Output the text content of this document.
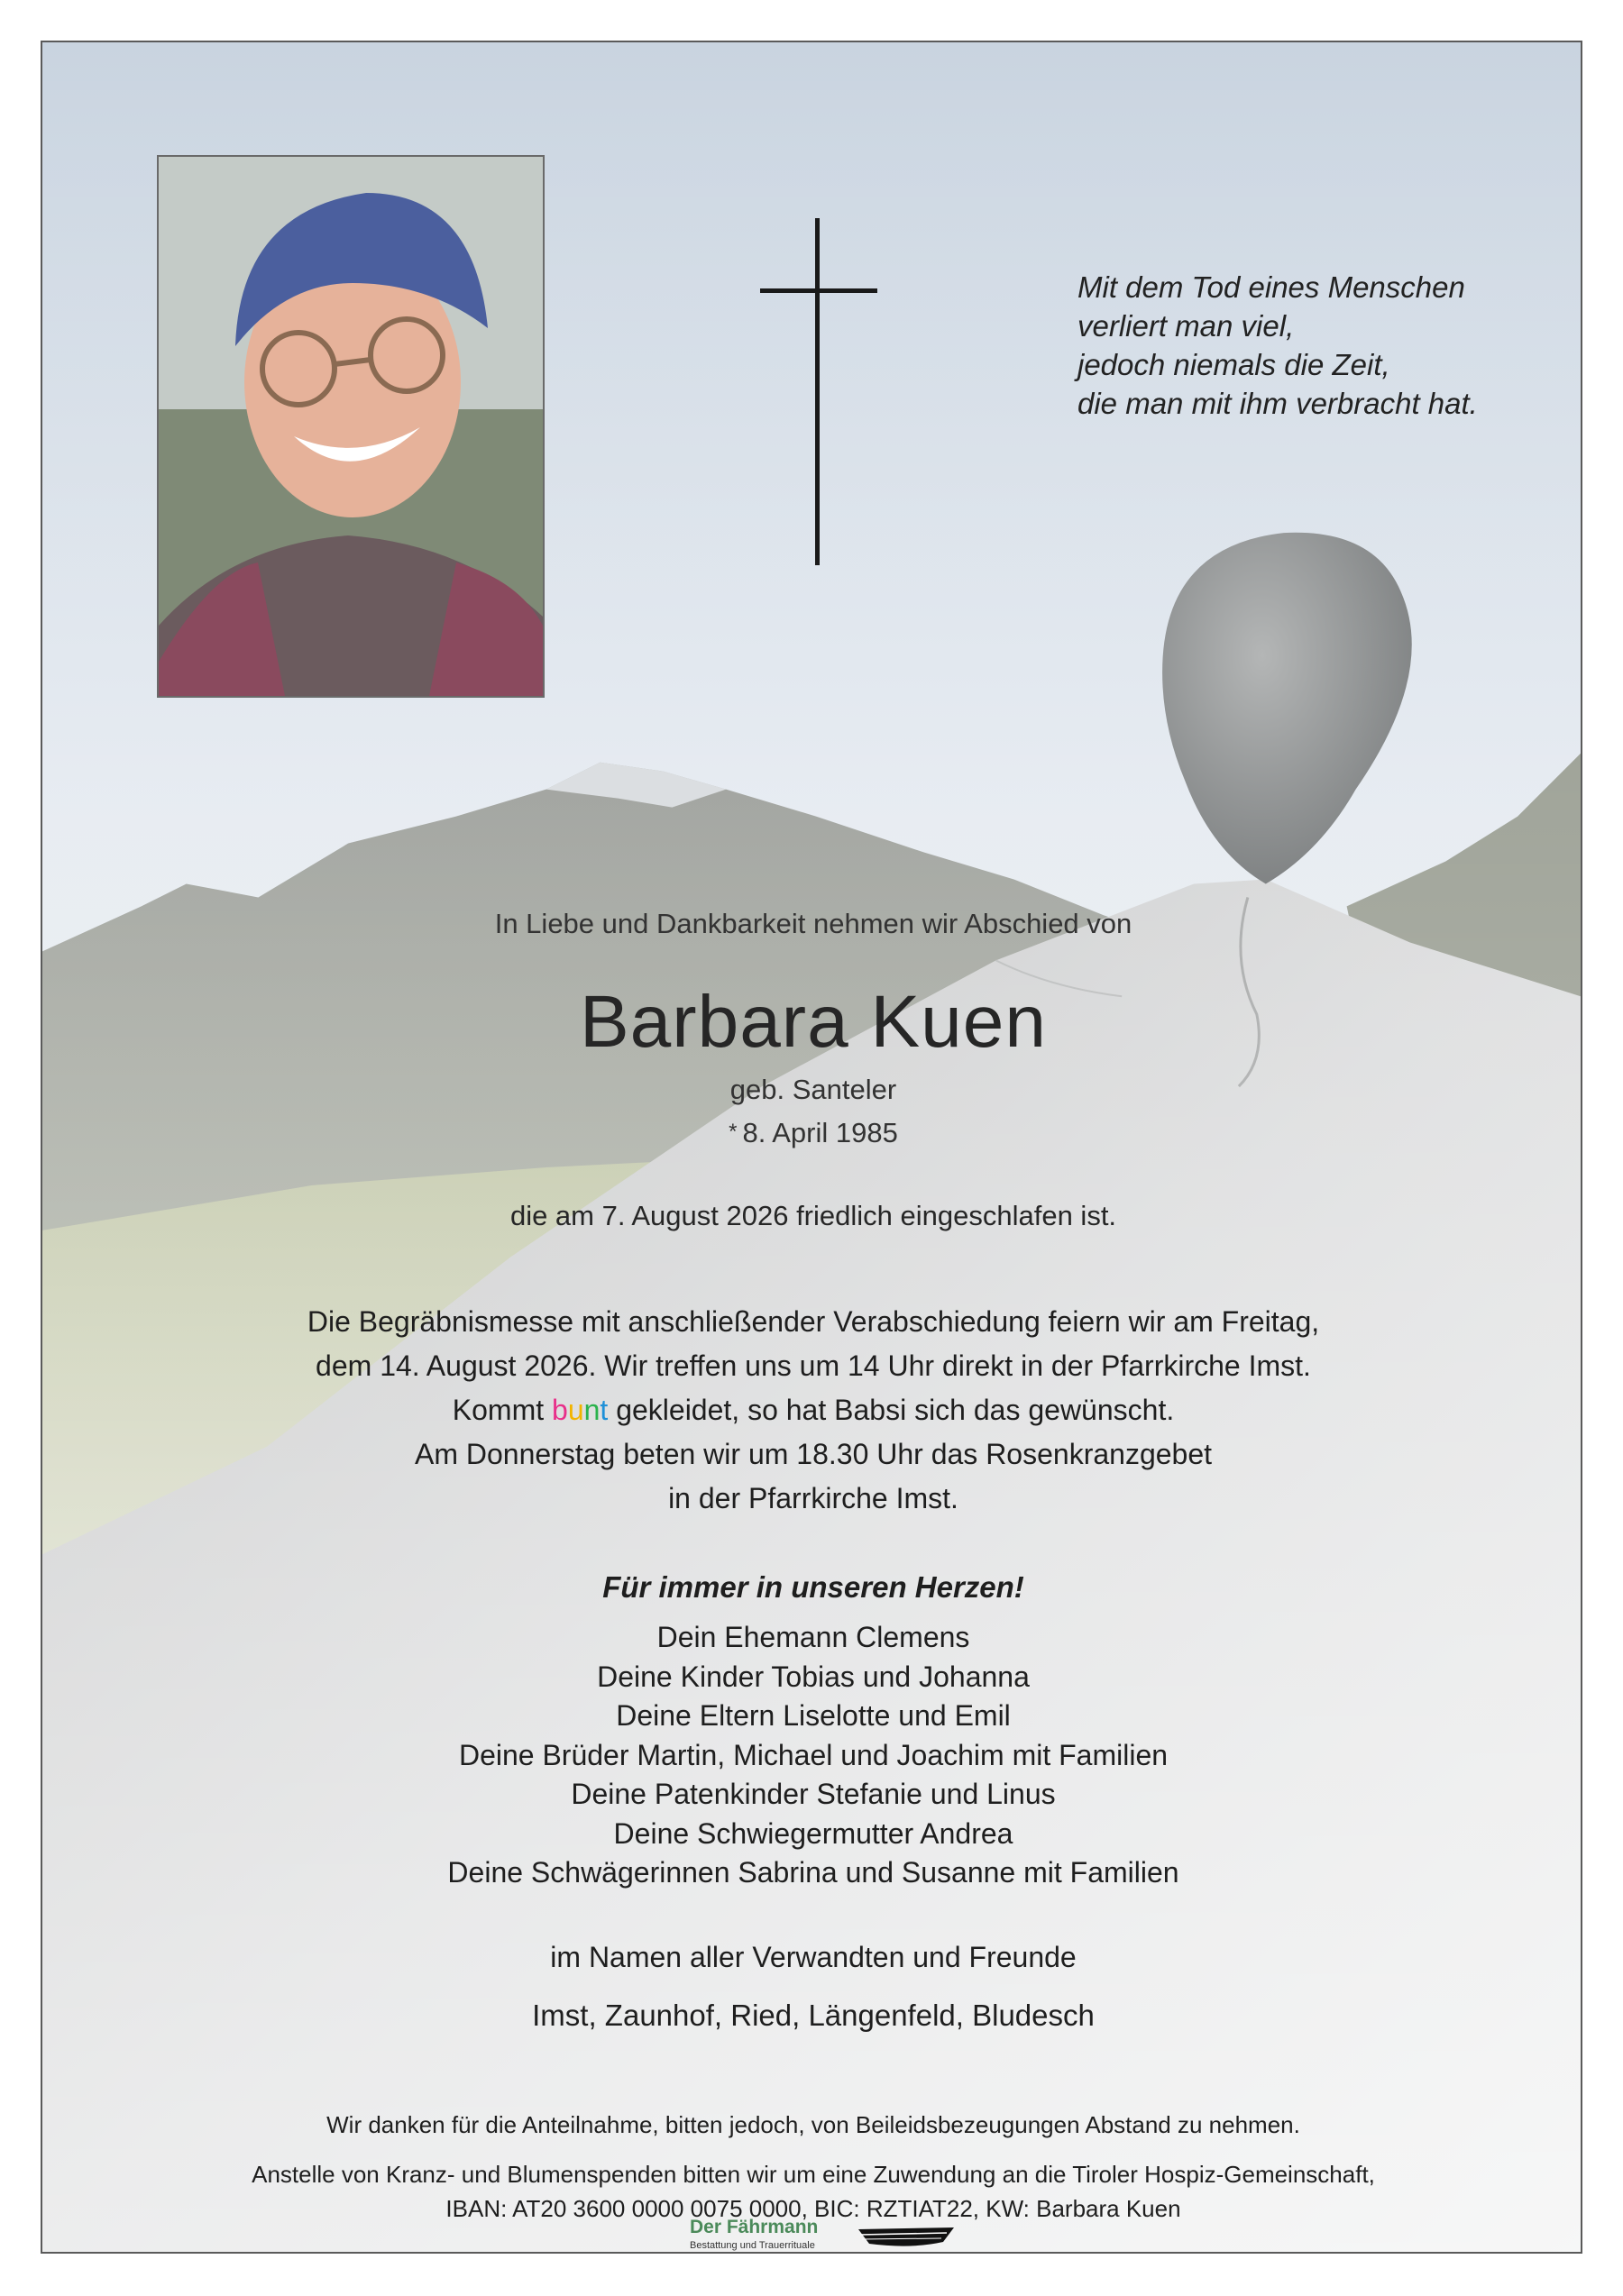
Mit dem Tod eines Menschen
verliert man viel,
jedoch niemals die Zeit,
die man mit ihm verbracht hat.
In Liebe und Dankbarkeit nehmen wir Abschied von
Barbara Kuen
geb. Santeler
* 8. April 1985
die am 7. August 2026 friedlich eingeschlafen ist.
Die Begräbnismesse mit anschließender Verabschiedung feiern wir am Freitag,
dem 14. August 2026. Wir treffen uns um 14 Uhr direkt in der Pfarrkirche Imst.
Kommt bunt gekleidet, so hat Babsi sich das gewünscht.
Am Donnerstag beten wir um 18.30 Uhr das Rosenkranzgebet
in der Pfarrkirche Imst.
Für immer in unseren Herzen!
Dein Ehemann Clemens
Deine Kinder Tobias und Johanna
Deine Eltern Liselotte und Emil
Deine Brüder Martin, Michael und Joachim mit Familien
Deine Patenkinder Stefanie und Linus
Deine Schwiegermutter Andrea
Deine Schwägerinnen Sabrina und Susanne mit Familien
im Namen aller Verwandten und Freunde
Imst, Zaunhof, Ried, Längenfeld, Bludesch
Wir danken für die Anteilnahme, bitten jedoch, von Beileidsbezeugungen Abstand zu nehmen.
Anstelle von Kranz- und Blumenspenden bitten wir um eine Zuwendung an die Tiroler Hospiz-Gemeinschaft,
IBAN: AT20 3600 0000 0075 0000, BIC: RZTIAT22, KW: Barbara Kuen
Der Fährmann
Bestattung und Trauerrituale
